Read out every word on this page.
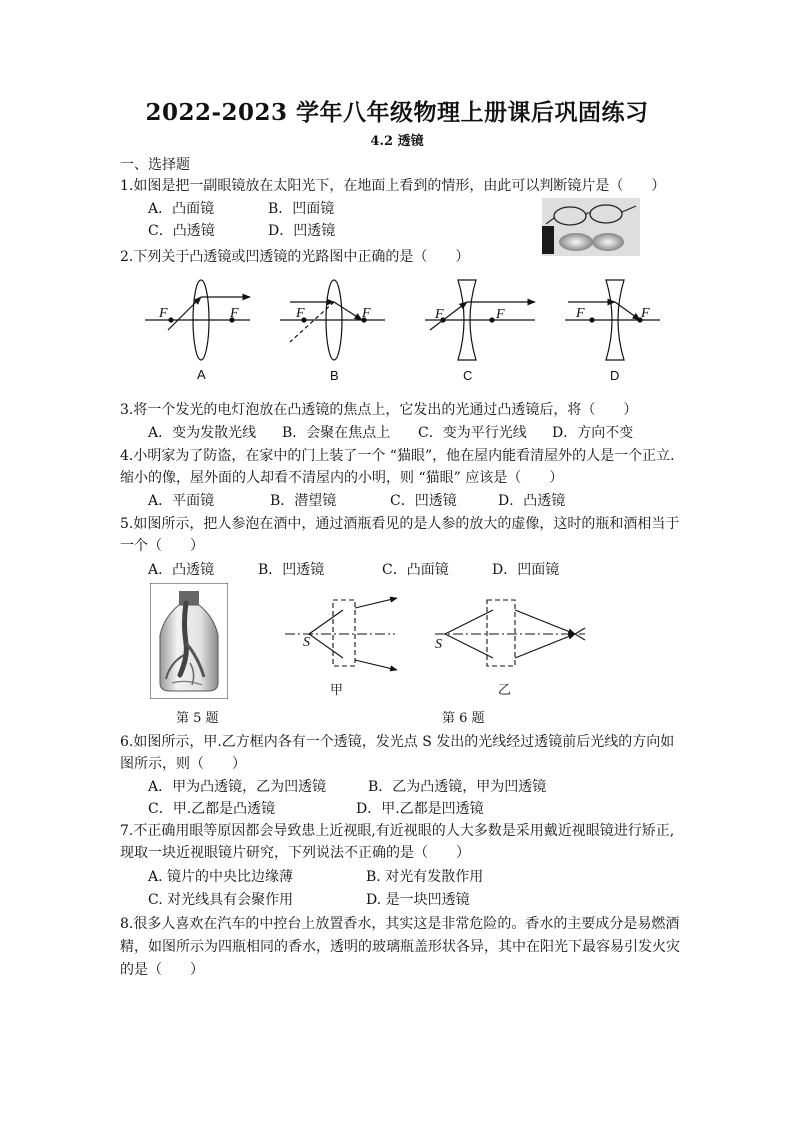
2022-2023 学年八年级物理上册课后巩固练习
4.2 透镜
一、选择题
1.如图是把一副眼镜放在太阳光下，在地面上看到的情形，由此可以判断镜片是（　　）
A．凸面镜	B．凹面镜
C．凸透镜	D．凹透镜
2.下列关于凸透镜或凹透镜的光路图中正确的是（　　）
F	F	F	F	F	F	F	F
A	B	C	D
3.将一个发光的电灯泡放在凸透镜的焦点上，它发出的光通过凸透镜后，将（　　）
A．变为发散光线 B．会聚在焦点上 C．变为平行光线 D．方向不变
4.小明家为了防盗，在家中的门上装了一个 “猫眼”，他在屋内能看清屋外的人是一个正立.
缩小的像，屋外面的人却看不清屋内的小明，则 “猫眼” 应该是（　　）
A．平面镜	B．潜望镜	C．凹透镜	D．凸透镜
5.如图所示，把人参泡在酒中，通过酒瓶看见的是人参的放大的虚像，这时的瓶和酒相当于
一个（　　）
A．凸透镜	B．凹透镜	C．凸面镜	D．凹面镜
S	S
甲	乙
第 5 题	第 6 题
6.如图所示，甲.乙方框内各有一个透镜，发光点 S 发出的光线经过透镜前后光线的方向如
图所示，则（　　）
A．甲为凸透镜，乙为凹透镜	B．乙为凸透镜，甲为凹透镜
C．甲.乙都是凸透镜	D．甲.乙都是凹透镜
7.不正确用眼等原因都会导致患上近视眼,有近视眼的人大多数是采用戴近视眼镜进行矫正,
现取一块近视眼镜片研究，下列说法不正确的是（　　）
A. 镜片的中央比边缘薄	B. 对光有发散作用
C. 对光线具有会聚作用	D. 是一块凹透镜
8.很多人喜欢在汽车的中控台上放置香水，其实这是非常危险的。香水的主要成分是易燃酒
精，如图所示为四瓶相同的香水，透明的玻璃瓶盖形状各异，其中在阳光下最容易引发火灾
的是（　　）
